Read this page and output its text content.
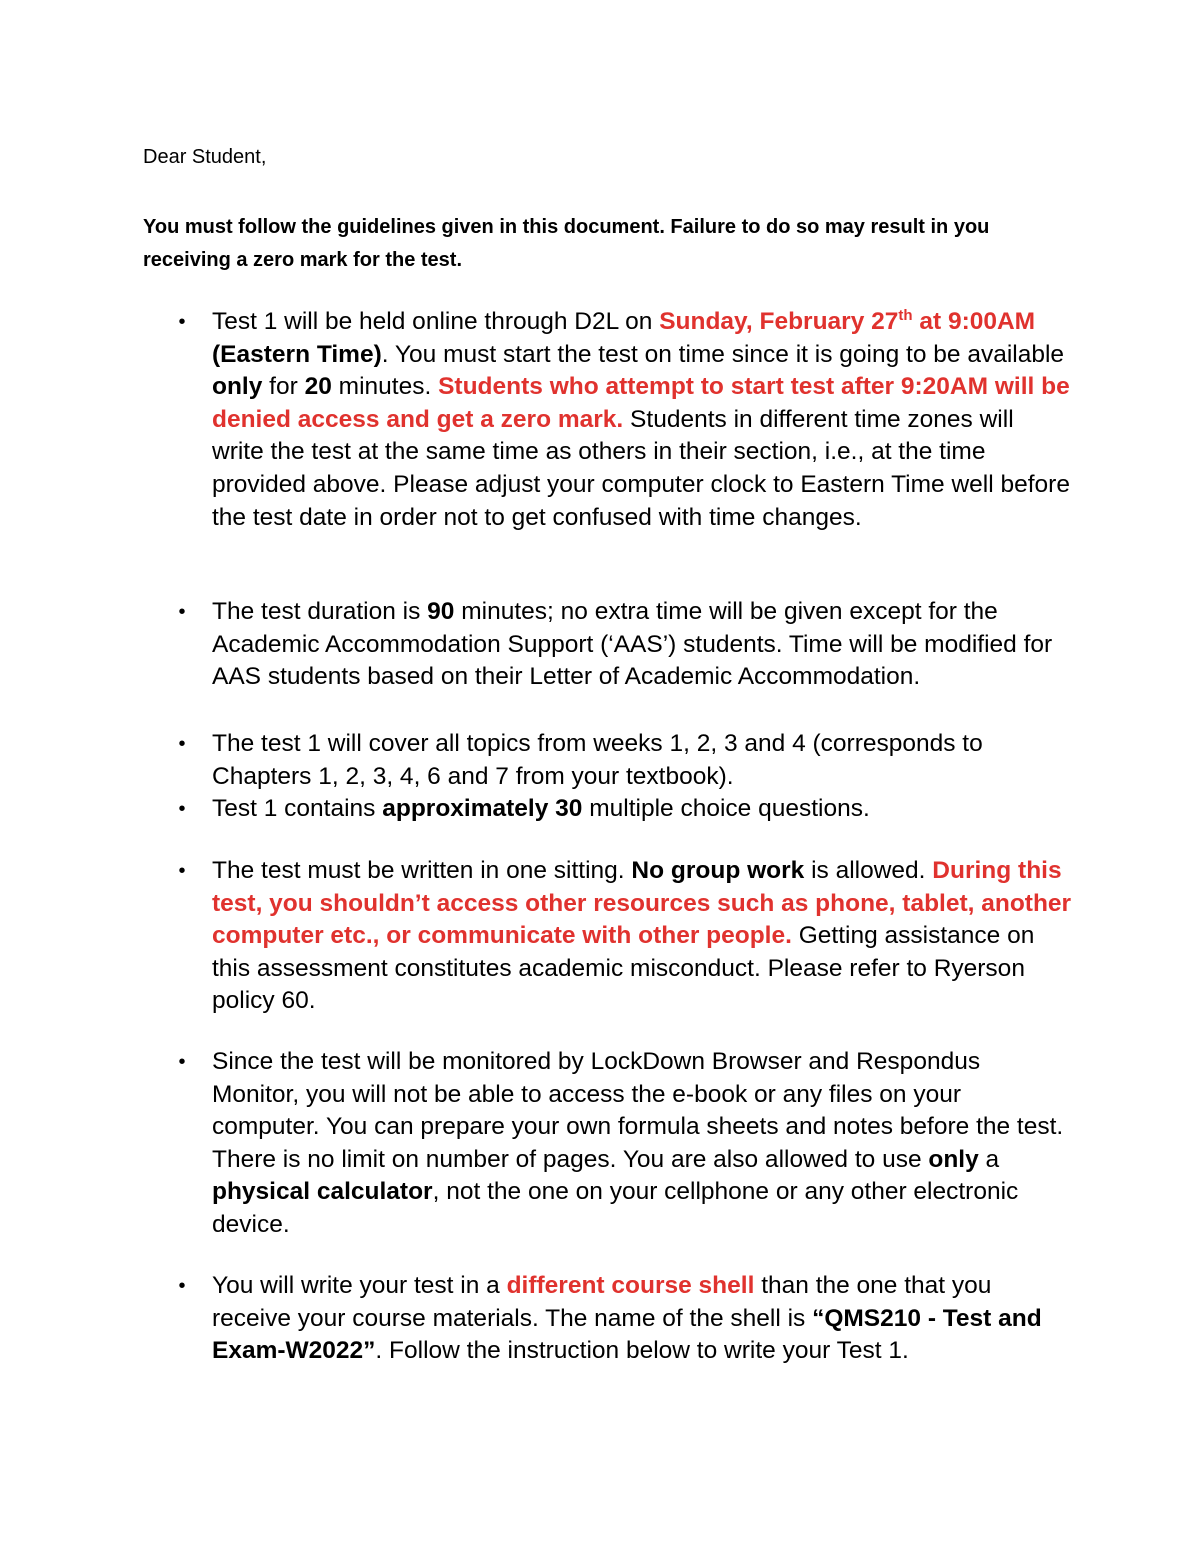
Dear Student,
You must follow the guidelines given in this document. Failure to do so may result in you receiving a zero mark for the test.
• Test 1 will be held online through D2L on Sunday, February 27th at 9:00AM (Eastern Time). You must start the test on time since it is going to be available only for 20 minutes. Students who attempt to start test after 9:20AM will be denied access and get a zero mark. Students in different time zones will write the test at the same time as others in their section, i.e., at the time provided above. Please adjust your computer clock to Eastern Time well before the test date in order not to get confused with time changes.
• The test duration is 90 minutes; no extra time will be given except for the Academic Accommodation Support (‘AAS’) students. Time will be modified for AAS students based on their Letter of Academic Accommodation.
• The test 1 will cover all topics from weeks 1, 2, 3 and 4 (corresponds to Chapters 1, 2, 3, 4, 6 and 7 from your textbook).
• Test 1 contains approximately 30 multiple choice questions.
• The test must be written in one sitting. No group work is allowed. During this test, you shouldn’t access other resources such as phone, tablet, another computer etc., or communicate with other people. Getting assistance on this assessment constitutes academic misconduct. Please refer to Ryerson policy 60.
• Since the test will be monitored by LockDown Browser and Respondus Monitor, you will not be able to access the e-book or any files on your computer. You can prepare your own formula sheets and notes before the test. There is no limit on number of pages. You are also allowed to use only a physical calculator, not the one on your cellphone or any other electronic device.
• You will write your test in a different course shell than the one that you receive your course materials. The name of the shell is “QMS210 - Test and Exam-W2022”. Follow the instruction below to write your Test 1.
